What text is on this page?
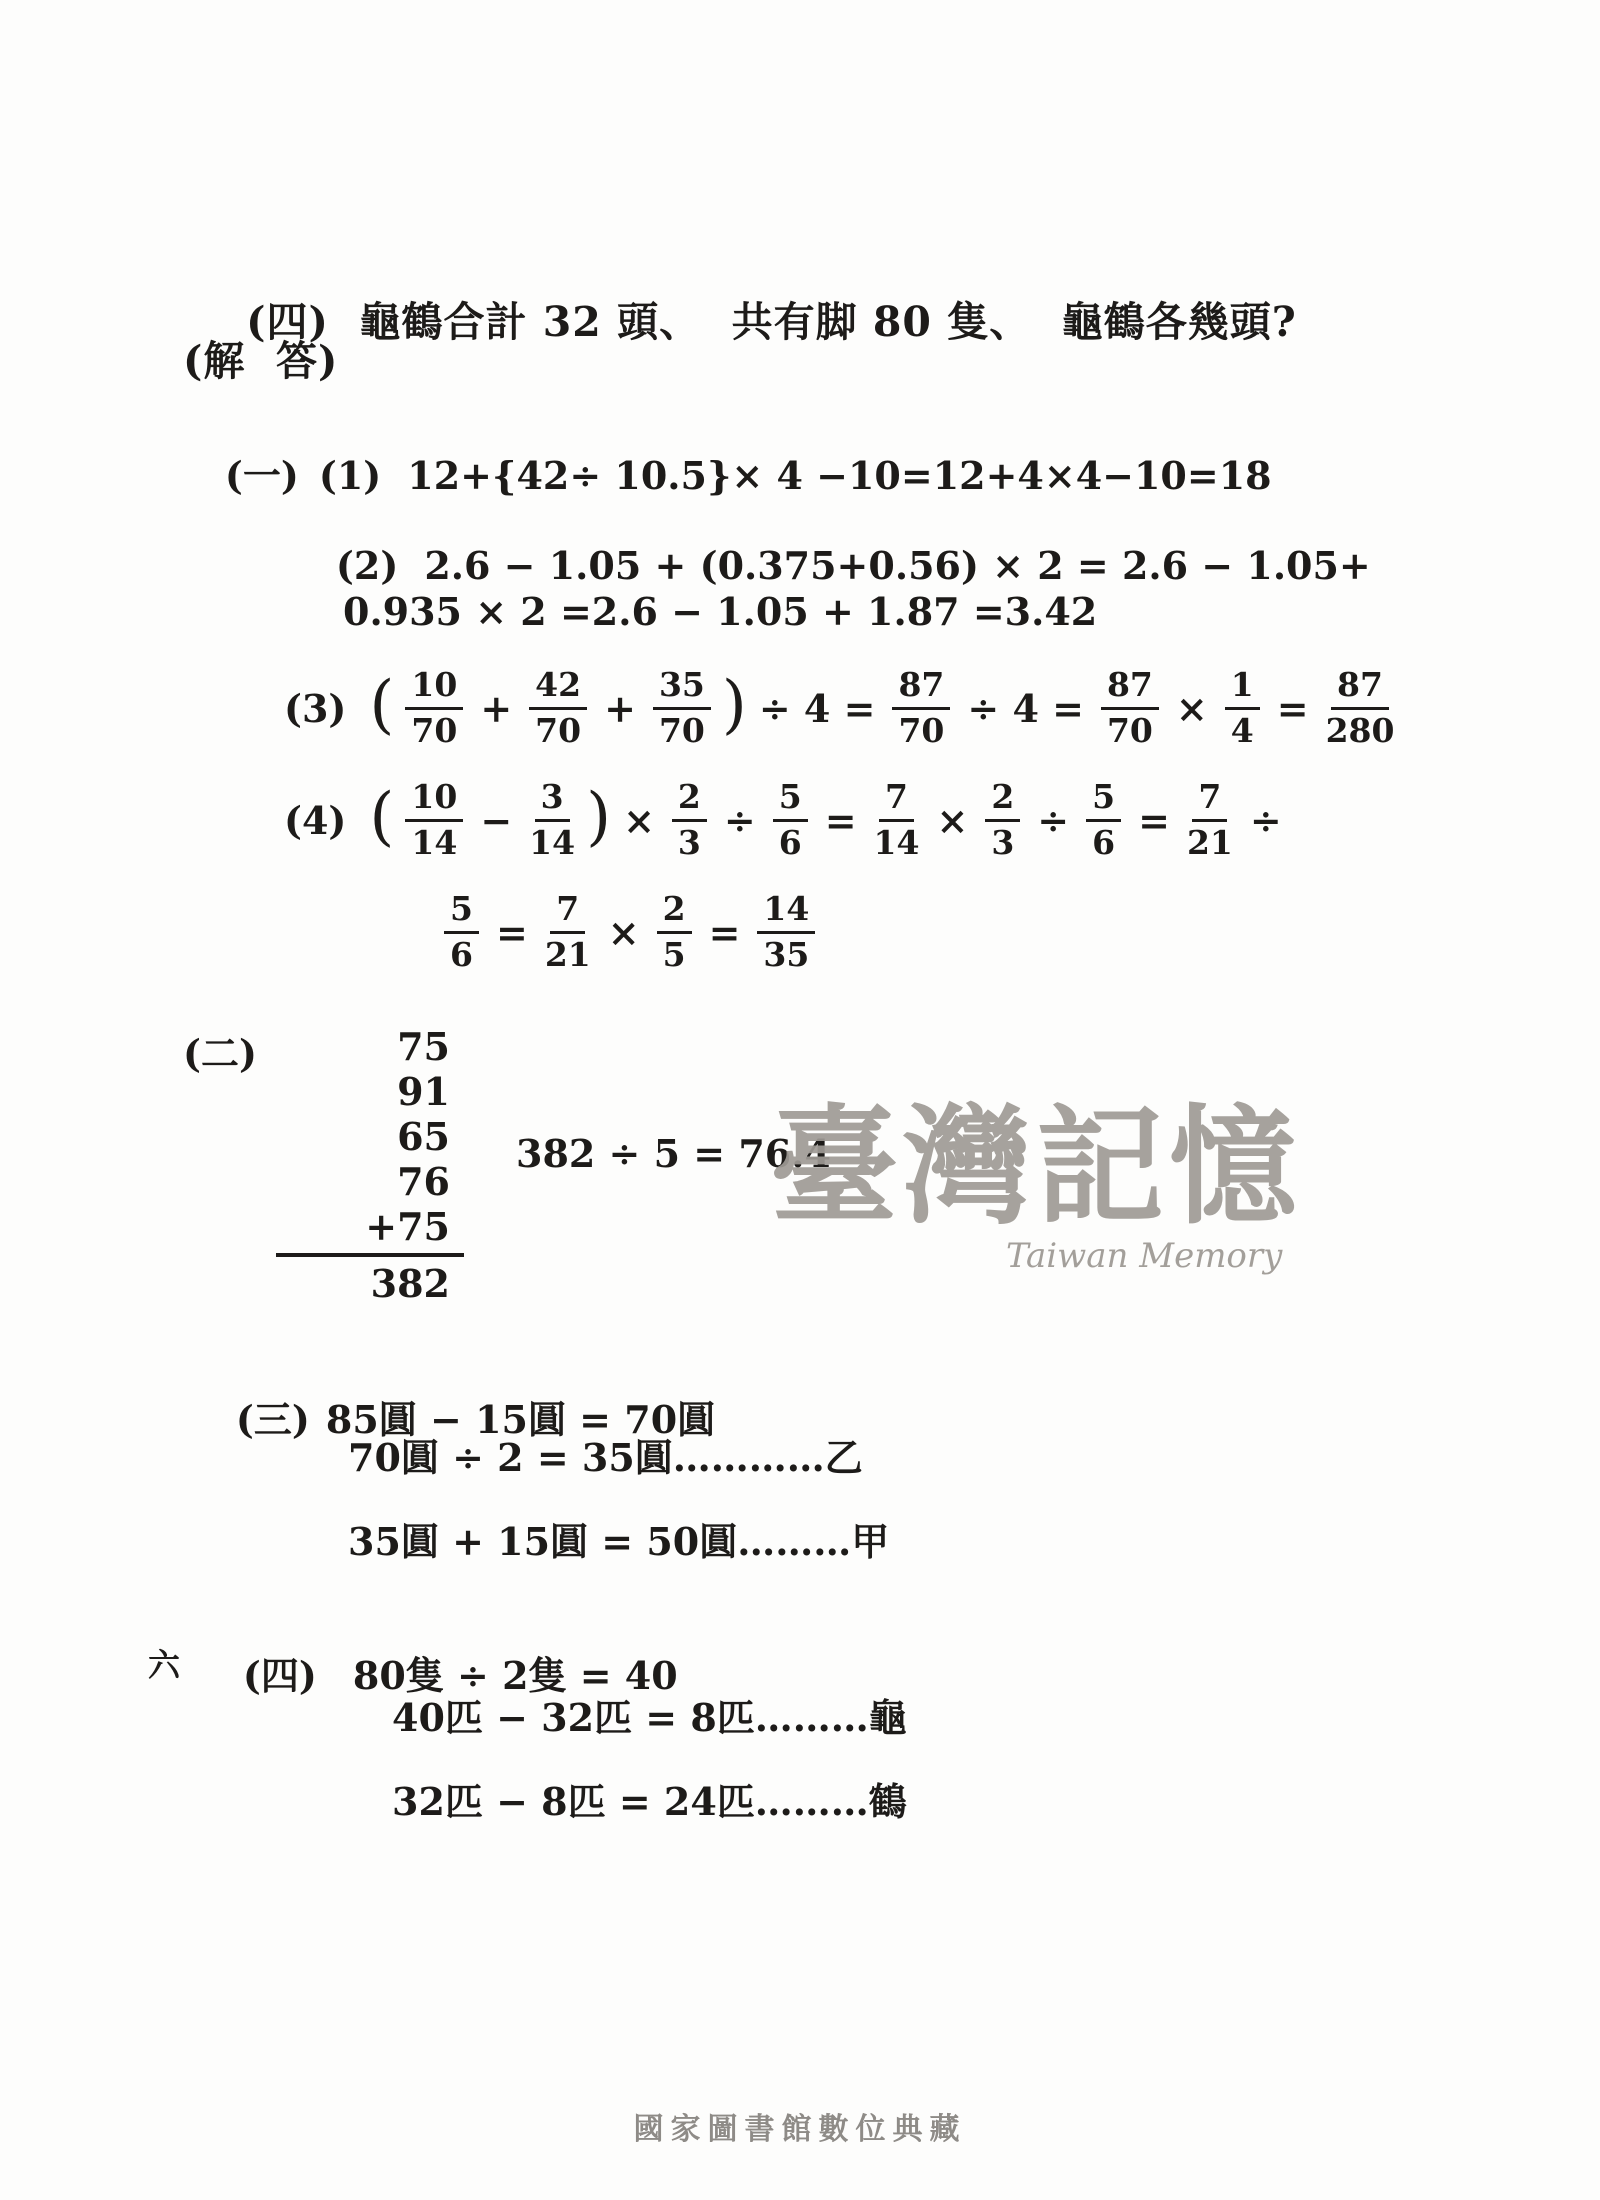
(四) 龜鶴合計 32 頭、  共有脚 80 隻、  龜鶴各幾頭?

(解  答)

(一) (1) 12+{42÷ 10.5}× 4 −10=12+4×4−10=18

(2) 2.6 − 1.05 + (0.375+0.56) × 2 = 2.6 − 1.05+

0.935 × 2 =2.6 − 1.05 + 1.87 =3.42
(3) ( $\frac{10}{70} + \frac{42}{70} + \frac{35}{70}$ ) ÷ $4 = \frac{87}{70} \div 4 = \frac{87}{70} \times \frac{1}{4} = \frac{87}{280}$
(4) ( $\frac{10}{14} - \frac{3}{14}$ ) × $\frac{2}{3} \div \frac{5}{6} = \frac{7}{14} \times \frac{2}{3} \div \frac{5}{6} = \frac{7}{21}$ ÷
$\frac{5}{6} = \frac{7}{21} \times \frac{2}{5} = \frac{14}{35}$
(二)	75
91
65
76
+75
382
382 ÷ 5 = 76.4
臺灣記憶
Taiwan Memory

(三) 85圓 − 15圓 = 70圓

70圓 ÷ 2 = 35圓…………乙
35圓 + 15圓 = 50圓………甲

(四) 80隻 ÷ 2隻 = 40

40匹 − 32匹 = 8匹………龜
32匹 − 8匹 = 24匹………鶴
六
國家圖書館數位典藏
